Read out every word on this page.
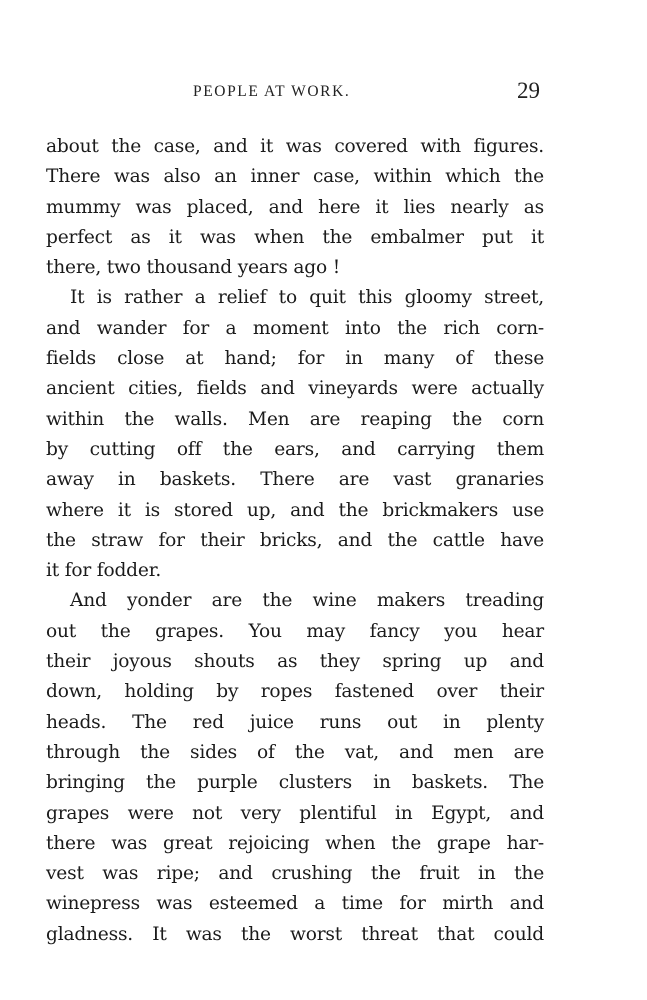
PEOPLE AT WORK.	29
about the case, and it was covered with figures.
There was also an inner case, within which the
mummy was placed, and here it lies nearly as
perfect as it was when the embalmer put it
there, two thousand years ago !
It is rather a relief to quit this gloomy street,
and wander for a moment into the rich corn-
fields close at hand; for in many of these
ancient cities, fields and vineyards were actually
within the walls. Men are reaping the corn
by cutting off the ears, and carrying them
away in baskets. There are vast granaries
where it is stored up, and the brickmakers use
the straw for their bricks, and the cattle have
it for fodder.
And yonder are the wine makers treading
out the grapes. You may fancy you hear
their joyous shouts as they spring up and
down, holding by ropes fastened over their
heads. The red juice runs out in plenty
through the sides of the vat, and men are
bringing the purple clusters in baskets. The
grapes were not very plentiful in Egypt, and
there was great rejoicing when the grape har-
vest was ripe; and crushing the fruit in the
winepress was esteemed a time for mirth and
gladness. It was the worst threat that could
